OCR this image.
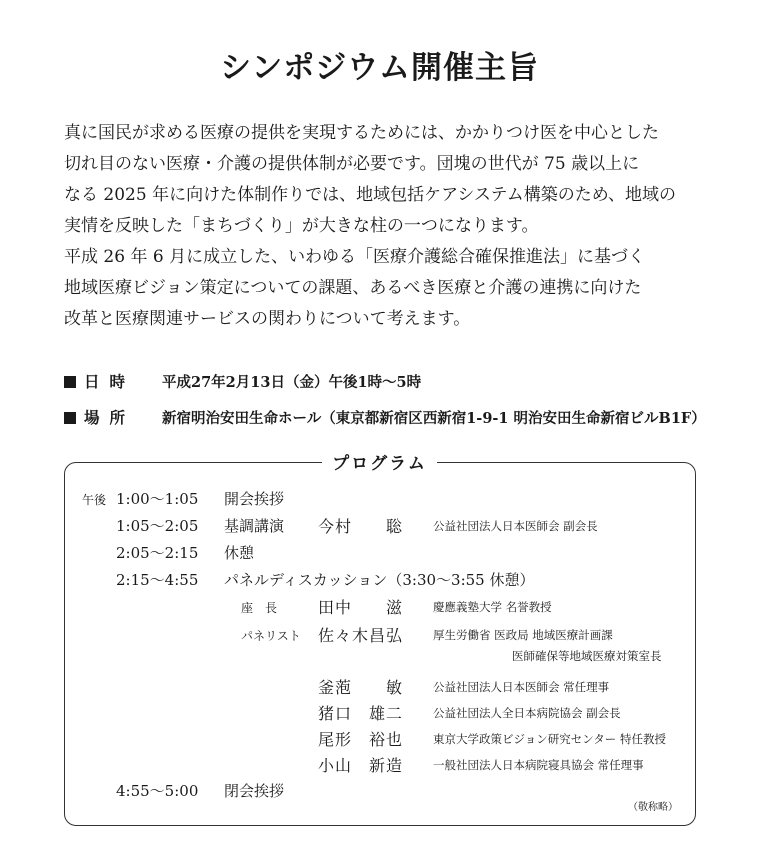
シンポジウム開催主旨

真に国民が求める医療の提供を実現するためには、かかりつけ医を中心とした

切れ目のない医療・介護の提供体制が必要です。団塊の世代が 75 歳以上に

なる 2025 年に向けた体制作りでは、地域包括ケアシステム構築のため、地域の

実情を反映した「まちづくり」が大きな柱の一つになります。

平成 26 年 6 月に成立した、いわゆる「医療介護総合確保推進法」に基づく

地域医療ビジョン策定についての課題、あるべき医療と介護の連携に向けた

改革と医療関連サービスの関わりについて考えます。

日時 平成27年2月13日（金）午後1時～5時
場所 新宿明治安田生命ホール（東京都新宿区西新宿1-9-1 明治安田生命新宿ビルB1F）
プログラム
午後 1:00～1:05 開会挨拶
1:05～2:05 基調講演 今村　　聡	公益社団法人日本医師会 副会長
2:05～2:15 休憩
2:15～4:55 パネルディスカッション（3:30～3:55 休憩）
座　長	田中　　滋	慶應義塾大学 名誉教授
パネリスト 佐々木昌弘	厚生労働省 医政局 地域医療計画課
医師確保等地域医療対策室長
釜萢　　敏	公益社団法人日本医師会 常任理事
猪口　雄二	公益社団法人全日本病院協会 副会長
尾形　裕也	東京大学政策ビジョン研究センター 特任教授
小山　新造	一般社団法人日本病院寝具協会 常任理事
4:55～5:00 閉会挨拶
（敬称略）
